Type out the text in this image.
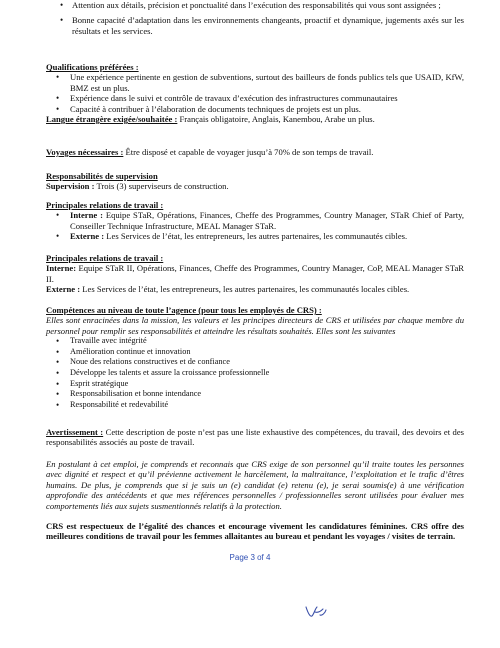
• Attention aux détails, précision et ponctualité dans l’exécution des responsabilités qui vous sont assignées ;
• Bonne capacité d’adaptation dans les environnements changeants, proactif et dynamique, jugements axés sur les résultats et les services.
Qualifications préférées :
• Une expérience pertinente en gestion de subventions, surtout des bailleurs de fonds publics tels que USAID, KfW, BMZ est un plus.
• Expérience dans le suivi et contrôle de travaux d’exécution des infrastructures communautaires
• Capacité à contribuer à l’élaboration de documents techniques de projets est un plus.
Langue étrangère exigée/souhaitée : Français obligatoire, Anglais, Kanembou, Arabe un plus.
Voyages nécessaires : Être disposé et capable de voyager jusqu’à 70% de son temps de travail.
Responsabilités de supervision
Supervision : Trois (3) superviseurs de construction.
Principales relations de travail :
• Interne : Equipe STaR, Opérations, Finances, Cheffe des Programmes, Country Manager, STaR Chief of Party, Conseiller Technique Infrastructure, MEAL Manager STaR.
• Externe : Les Services de l’état, les entrepreneurs, les autres partenaires, les communautés cibles.
Principales relations de travail :
Interne: Equipe STaR II, Opérations, Finances, Cheffe des Programmes, Country Manager, CoP, MEAL Manager STaR II.
Externe : Les Services de l’état, les entrepreneurs, les autres partenaires, les communautés locales cibles.
Compétences au niveau de toute l’agence (pour tous les employés de CRS) :
Elles sont enracinées dans la mission, les valeurs et les principes directeurs de CRS et utilisées par chaque membre du personnel pour remplir ses responsabilités et atteindre les résultats souhaités. Elles sont les suivantes
• Travaille avec intégrité
• Amélioration continue et innovation
• Noue des relations constructives et de confiance
• Développe les talents et assure la croissance professionnelle
• Esprit stratégique
• Responsabilisation et bonne intendance
• Responsabilité et redevabilité
Avertissement : Cette description de poste n’est pas une liste exhaustive des compétences, du travail, des devoirs et des responsabilités associés au poste de travail.
En postulant à cet emploi, je comprends et reconnais que CRS exige de son personnel qu’il traite toutes les personnes avec dignité et respect et qu’il prévienne activement le harcèlement, la maltraitance, l’exploitation et le trafic d’êtres humains. De plus, je comprends que si je suis un (e) candidat (e) retenu (e), je serai soumis(e) à une vérification approfondie des antécédents et que mes références personnelles / professionnelles seront utilisées pour évaluer mes comportements liés aux sujets susmentionnés relatifs à la protection.
CRS est respectueux de l’égalité des chances et encourage vivement les candidatures féminines. CRS offre des meilleures conditions de travail pour les femmes allaitantes au bureau et pendant les voyages / visites de terrain.
Page 3 of 4
